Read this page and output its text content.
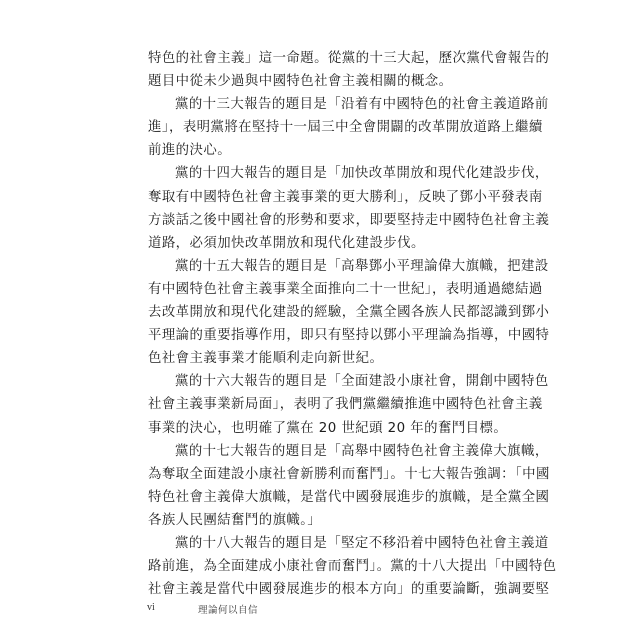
特色的社會主義」這一命題。從黨的十三大起，歷次黨代會報告的
題目中從未少過與中國特色社會主義相關的概念。
黨的十三大報告的題目是「沿着有中國特色的社會主義道路前
進」，表明黨將在堅持十一屆三中全會開闢的改革開放道路上繼續
前進的決心。
黨的十四大報告的題目是「加快改革開放和現代化建設步伐，
奪取有中國特色社會主義事業的更大勝利」，反映了鄧小平發表南
方談話之後中國社會的形勢和要求，即要堅持走中國特色社會主義
道路，必須加快改革開放和現代化建設步伐。
黨的十五大報告的題目是「高舉鄧小平理論偉大旗幟，把建設
有中國特色社會主義事業全面推向二十一世紀」，表明通過總結過
去改革開放和現代化建設的經驗，全黨全國各族人民都認識到鄧小
平理論的重要指導作用，即只有堅持以鄧小平理論為指導，中國特
色社會主義事業才能順利走向新世紀。
黨的十六大報告的題目是「全面建設小康社會，開創中國特色
社會主義事業新局面」，表明了我們黨繼續推進中國特色社會主義
事業的決心，也明確了黨在 20 世紀頭 20 年的奮鬥目標。
黨的十七大報告的題目是「高舉中國特色社會主義偉大旗幟，
為奪取全面建設小康社會新勝利而奮鬥」。十七大報告強調：「中國
特色社會主義偉大旗幟，是當代中國發展進步的旗幟，是全黨全國
各族人民團結奮鬥的旗幟。」
黨的十八大報告的題目是「堅定不移沿着中國特色社會主義道
路前進，為全面建成小康社會而奮鬥」。黨的十八大提出「中國特色
社會主義是當代中國發展進步的根本方向」的重要論斷，強調要堅
vi	理論何以自信
